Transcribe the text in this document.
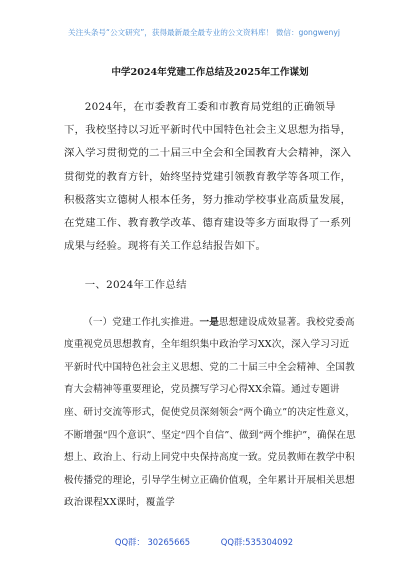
关注头条号“公文研究”，获得最新最全最专业的公文资料库！ 微信：gongwenyj
中学2024年党建工作总结及2025年工作谋划

2024年，在市委教育工委和市教育局党组的正确领导下，我校坚持以习近平新时代中国特色社会主义思想为指导，深入学习贯彻党的二十届三中全会和全国教育大会精神，深入贯彻党的教育方针，始终坚持党建引领教育教学等各项工作，积极落实立德树人根本任务，努力推动学校事业高质量发展，在党建工作、教育教学改革、德育建设等多方面取得了一系列成果与经验。现将有关工作总结报告如下。

一、2024年工作总结

（一）党建工作扎实推进。一是思想建设成效显著。我校党委高度重视党员思想教育，全年组织集中政治学习XX次，深入学习习近平新时代中国特色社会主义思想、党的二十届三中全会精神、全国教育大会精神等重要理论，党员撰写学习心得XX余篇。通过专题讲座、研讨交流等形式，促使党员深刻领会“两个确立”的决定性意义，不断增强“四个意识”、坚定“四个自信”、做到“两个维护”，确保在思想上、政治上、行动上同党中央保持高度一致。党员教师在教学中积极传播党的理论，引导学生树立正确价值观，全年累计开展相关思想政治课程XX课时，覆盖学

QQ群： 30265665	QQ群:535304092
